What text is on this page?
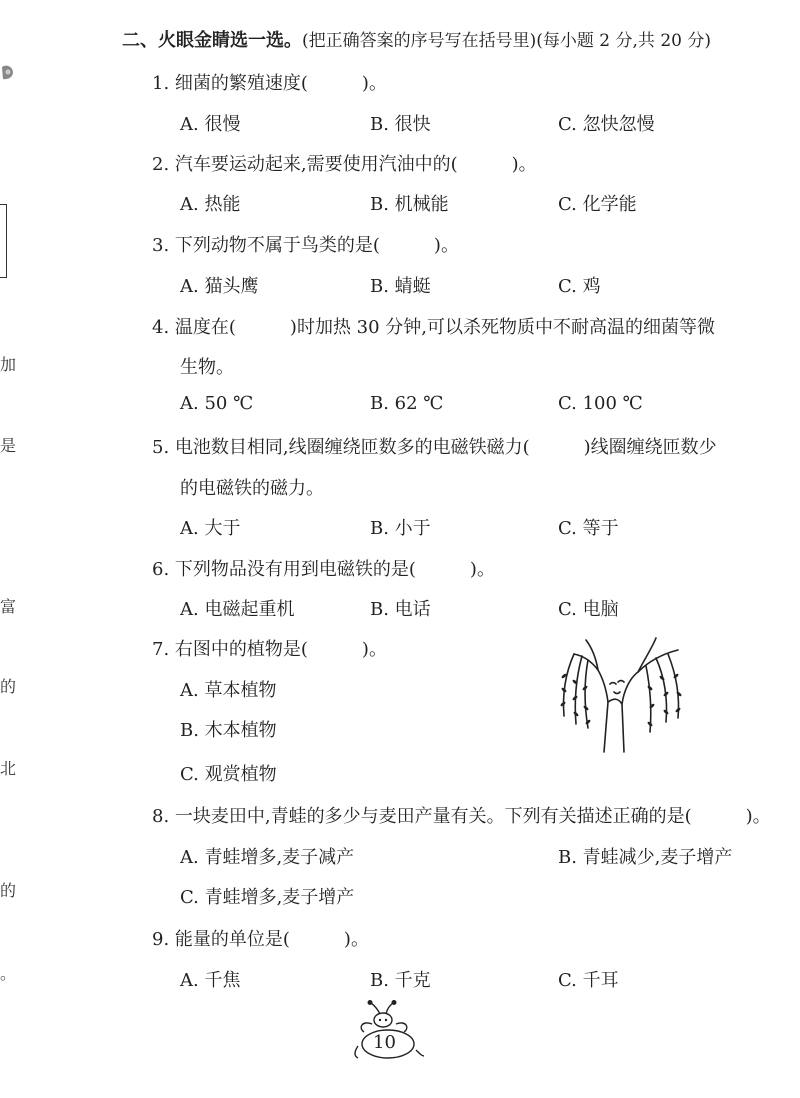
加
是
富
的
北
的
。
二、火眼金睛选一选。(把正确答案的序号写在括号里)(每小题 2 分,共 20 分)
1. 细菌的繁殖速度(　　　)。
A. 很慢	B. 很快	C. 忽快忽慢
2. 汽车要运动起来,需要使用汽油中的(　　　)。
A. 热能	B. 机械能	C. 化学能
3. 下列动物不属于鸟类的是(　　　)。
A. 猫头鹰	B. 蜻蜓	C. 鸡
4. 温度在(　　　)时加热 30 分钟,可以杀死物质中不耐高温的细菌等微
生物。
A. 50 ℃	B. 62 ℃	C. 100 ℃
5. 电池数目相同,线圈缠绕匝数多的电磁铁磁力(　　　)线圈缠绕匝数少
的电磁铁的磁力。
A. 大于	B. 小于	C. 等于
6. 下列物品没有用到电磁铁的是(　　　)。
A. 电磁起重机	B. 电话	C. 电脑
7. 右图中的植物是(　　　)。
A. 草本植物
B. 木本植物
C. 观赏植物
8. 一块麦田中,青蛙的多少与麦田产量有关。下列有关描述正确的是(　　　)。
A. 青蛙增多,麦子减产	B. 青蛙减少,麦子增产
C. 青蛙增多,麦子增产
9. 能量的单位是(　　　)。
A. 千焦	B. 千克	C. 千耳
10
